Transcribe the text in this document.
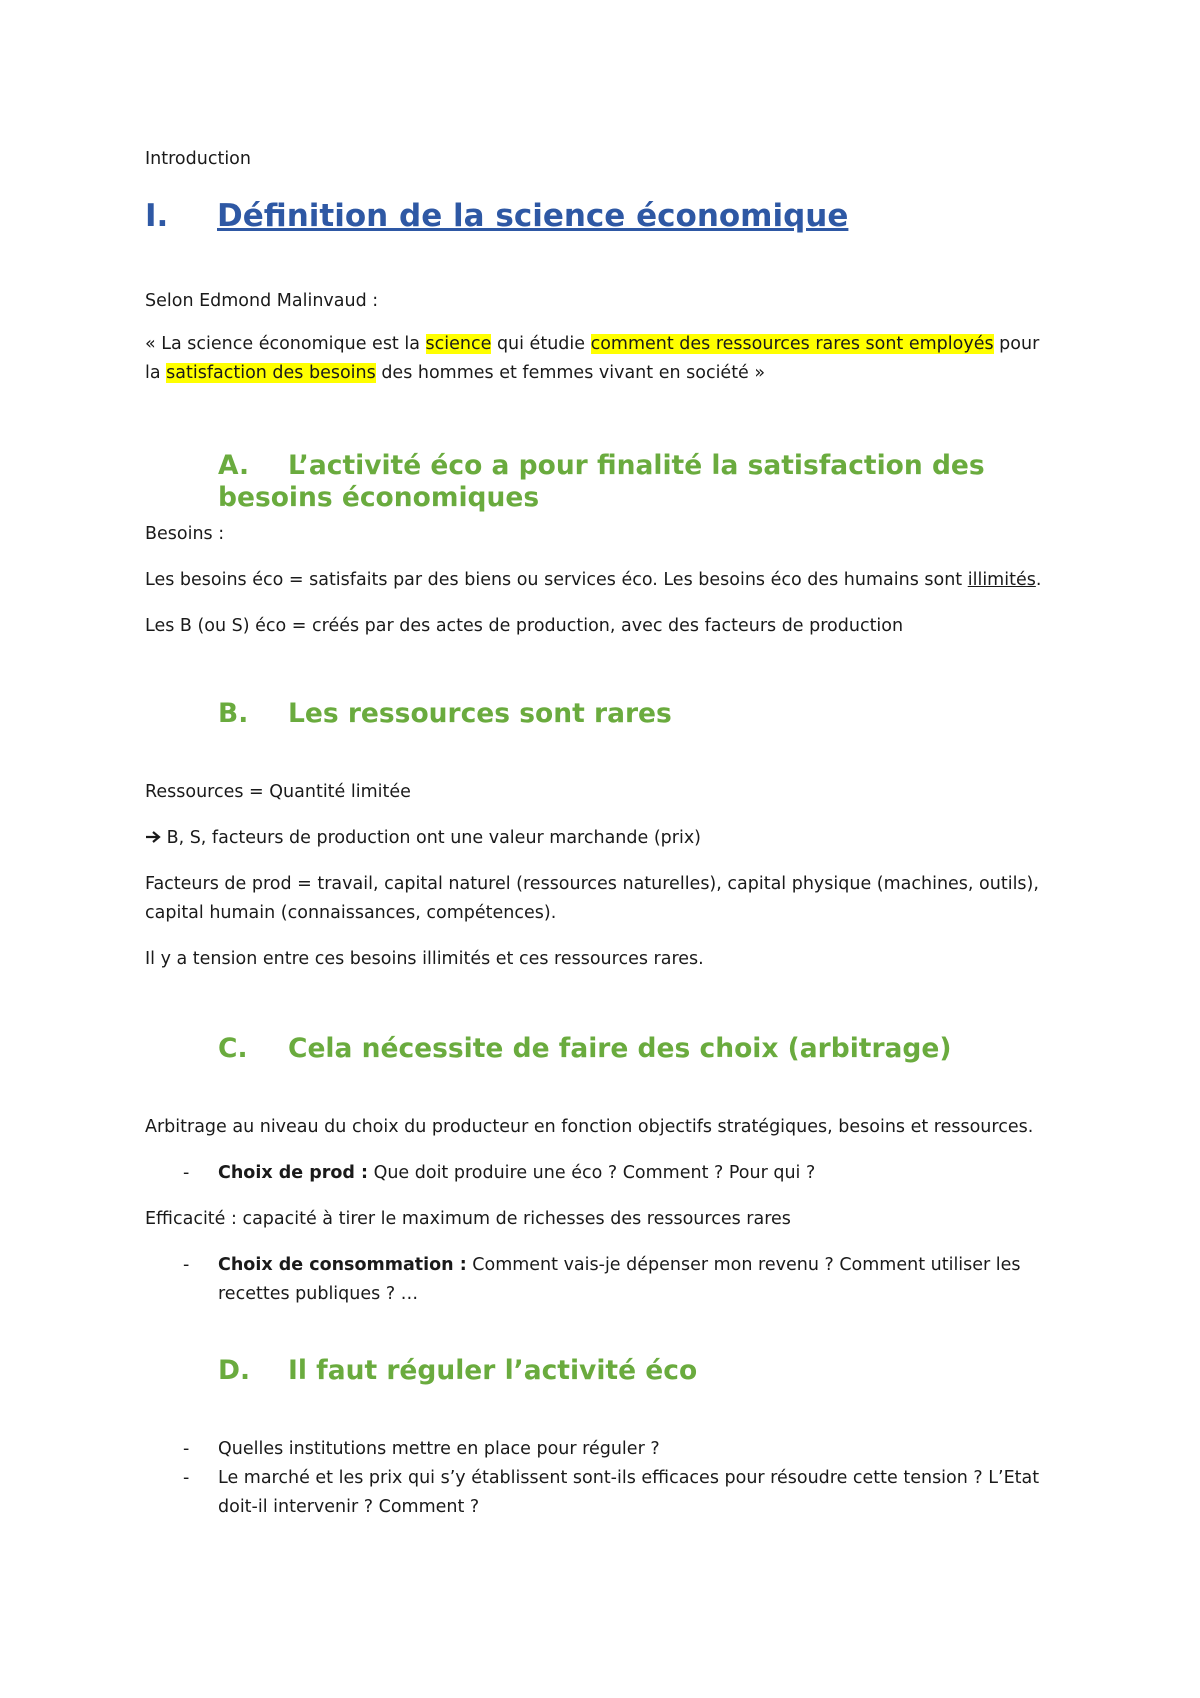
Introduction
I. Définition de la science économique
Selon Edmond Malinvaud :
« La science économique est la science qui étudie comment des ressources rares sont employés pour
la satisfaction des besoins des hommes et femmes vivant en société »
A. L’activité éco a pour finalité la satisfaction des
besoins économiques
Besoins :
Les besoins éco = satisfaits par des biens ou services éco. Les besoins éco des humains sont illimités.
Les B (ou S) éco = créés par des actes de production, avec des facteurs de production
B. Les ressources sont rares
Ressources = Quantité limitée
B, S, facteurs de production ont une valeur marchande (prix)
Facteurs de prod = travail, capital naturel (ressources naturelles), capital physique (machines, outils),
capital humain (connaissances, compétences).
Il y a tension entre ces besoins illimités et ces ressources rares.
C. Cela nécessite de faire des choix (arbitrage)
Arbitrage au niveau du choix du producteur en fonction objectifs stratégiques, besoins et ressources.
- Choix de prod : Que doit produire une éco ? Comment ? Pour qui ?
Efficacité : capacité à tirer le maximum de richesses des ressources rares
- Choix de consommation : Comment vais-je dépenser mon revenu ? Comment utiliser les
recettes publiques ? …
D. Il faut réguler l’activité éco
- Quelles institutions mettre en place pour réguler ?
- Le marché et les prix qui s’y établissent sont-ils efficaces pour résoudre cette tension ? L’Etat
doit-il intervenir ? Comment ?
